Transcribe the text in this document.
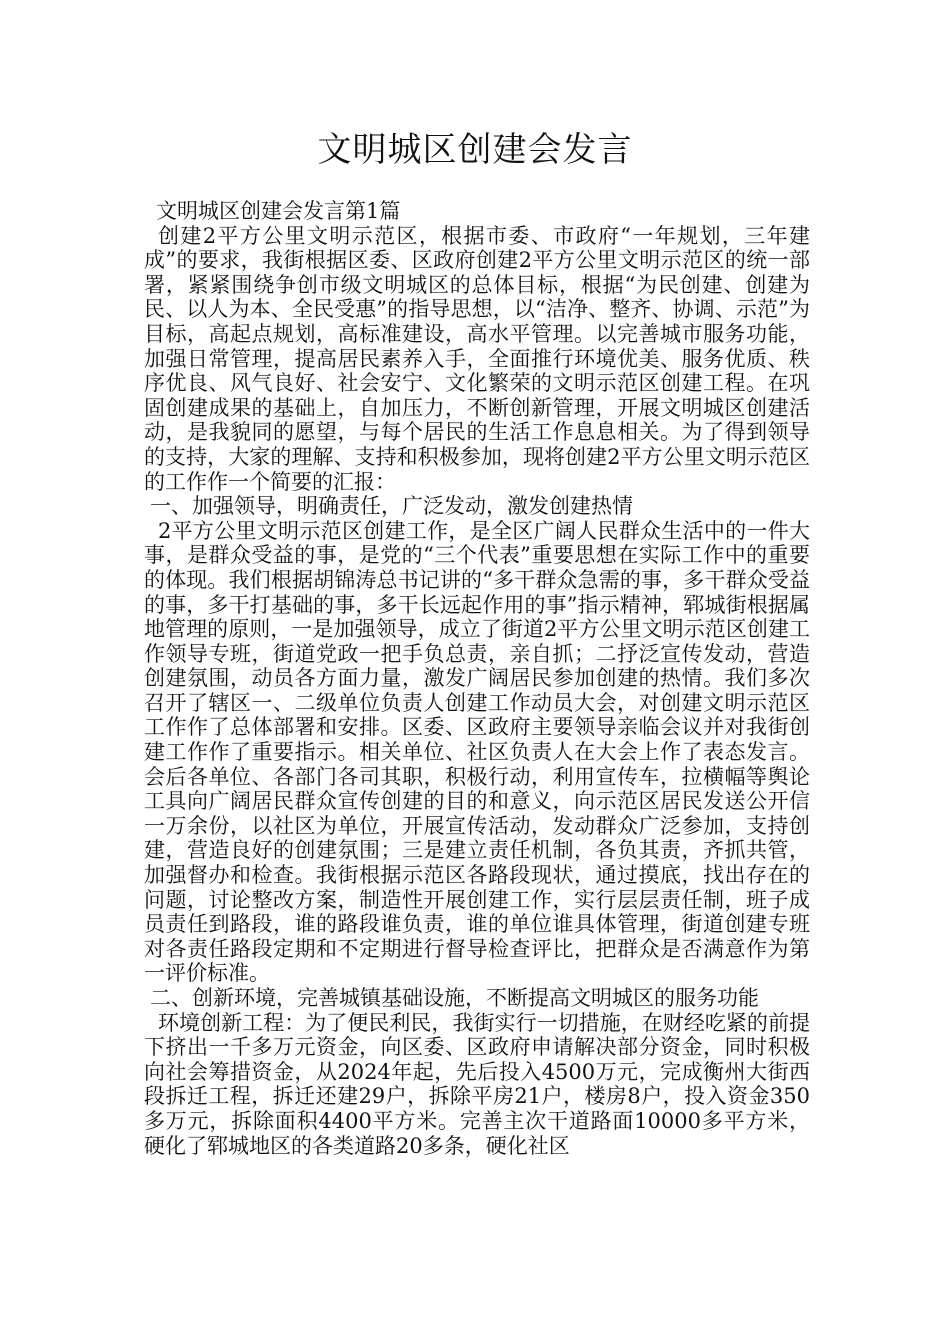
文明城区创建会发言

文明城区创建会发言第1篇

创建2平方公里文明示范区，根据市委、市政府“一年规划，三年建成”的要求，我街根据区委、区政府创建2平方公里文明示范区的统一部署，紧紧围绕争创市级文明城区的总体目标，根据“为民创建、创建为民、以人为本、全民受惠”的指导思想，以“洁净、整齐、协调、示范”为目标，高起点规划，高标准建设，高水平管理。以完善城市服务功能，加强日常管理，提高居民素养入手，全面推行环境优美、服务优质、秩序优良、风气良好、社会安宁、文化繁荣的文明示范区创建工程。在巩固创建成果的基础上，自加压力，不断创新管理，开展文明城区创建活动，是我貌同的愿望，与每个居民的生活工作息息相关。为了得到领导的支持，大家的理解、支持和积极参加，现将创建2平方公里文明示范区的工作作一个简要的汇报：

一、加强领导，明确责任，广泛发动，激发创建热情

2平方公里文明示范区创建工作，是全区广阔人民群众生活中的一件大事，是群众受益的事，是党的“三个代表”重要思想在实际工作中的重要的体现。我们根据胡锦涛总书记讲的“多干群众急需的事，多干群众受益的事，多干打基础的事，多干长远起作用的事”指示精神，郓城街根据属地管理的原则，一是加强领导，成立了街道2平方公里文明示范区创建工作领导专班，街道党政一把手负总责，亲自抓；二抒泛宣传发动，营造创建氛围，动员各方面力量，激发广阔居民参加创建的热情。我们多次召开了辖区一、二级单位负责人创建工作动员大会，对创建文明示范区工作作了总体部署和安排。区委、区政府主要领导亲临会议并对我街创建工作作了重要指示。相关单位、社区负责人在大会上作了表态发言。会后各单位、各部门各司其职，积极行动，利用宣传车，拉横幅等舆论工具向广阔居民群众宣传创建的目的和意义，向示范区居民发送公开信一万余份，以社区为单位，开展宣传活动，发动群众广泛参加，支持创建，营造良好的创建氛围；三是建立责任机制，各负其责，齐抓共管，加强督办和检查。我街根据示范区各路段现状，通过摸底，找出存在的问题，讨论整改方案，制造性开展创建工作，实行层层责任制，班子成员责任到路段，谁的路段谁负责，谁的单位谁具体管理，街道创建专班对各责任路段定期和不定期进行督导检查评比，把群众是否满意作为第一评价标准。

二、创新环境，完善城镇基础设施，不断提高文明城区的服务功能

环境创新工程：为了便民利民，我街实行一切措施，在财经吃紧的前提下挤出一千多万元资金，向区委、区政府申请解决部分资金，同时积极向社会筹措资金，从2024年起，先后投入4500万元，完成衡州大街西段拆迁工程，拆迁还建29户，拆除平房21户，楼房8户，投入资金350多万元，拆除面积4400平方米。完善主次干道路面10000多平方米，硬化了郓城地区的各类道路20多条，硬化社区
